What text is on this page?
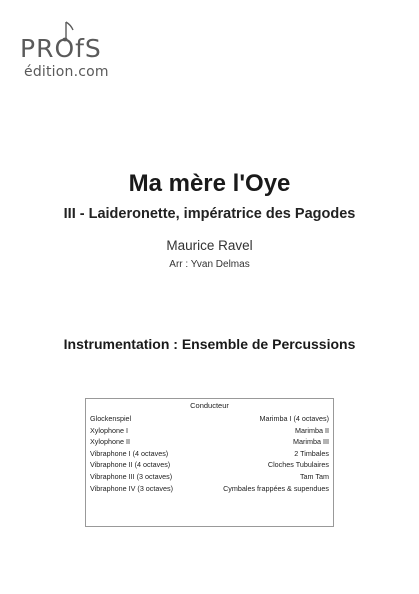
PROfS
édition.com
Ma mère l'Oye
III - Laideronette, impératrice des Pagodes
Maurice Ravel
Arr : Yvan Delmas
Instrumentation : Ensemble de Percussions
Conducteur
Glockenspiel	Marimba I (4 octaves)
Xylophone I	Marimba II
Xylophone II	Marimba III
Vibraphone I (4 octaves)	2 Timbales
Vibraphone II (4 octaves)	Cloches Tubulaires
Vibraphone III (3 octaves)	Tam Tam
Vibraphone IV (3 octaves)	Cymbales frappées & supendues
